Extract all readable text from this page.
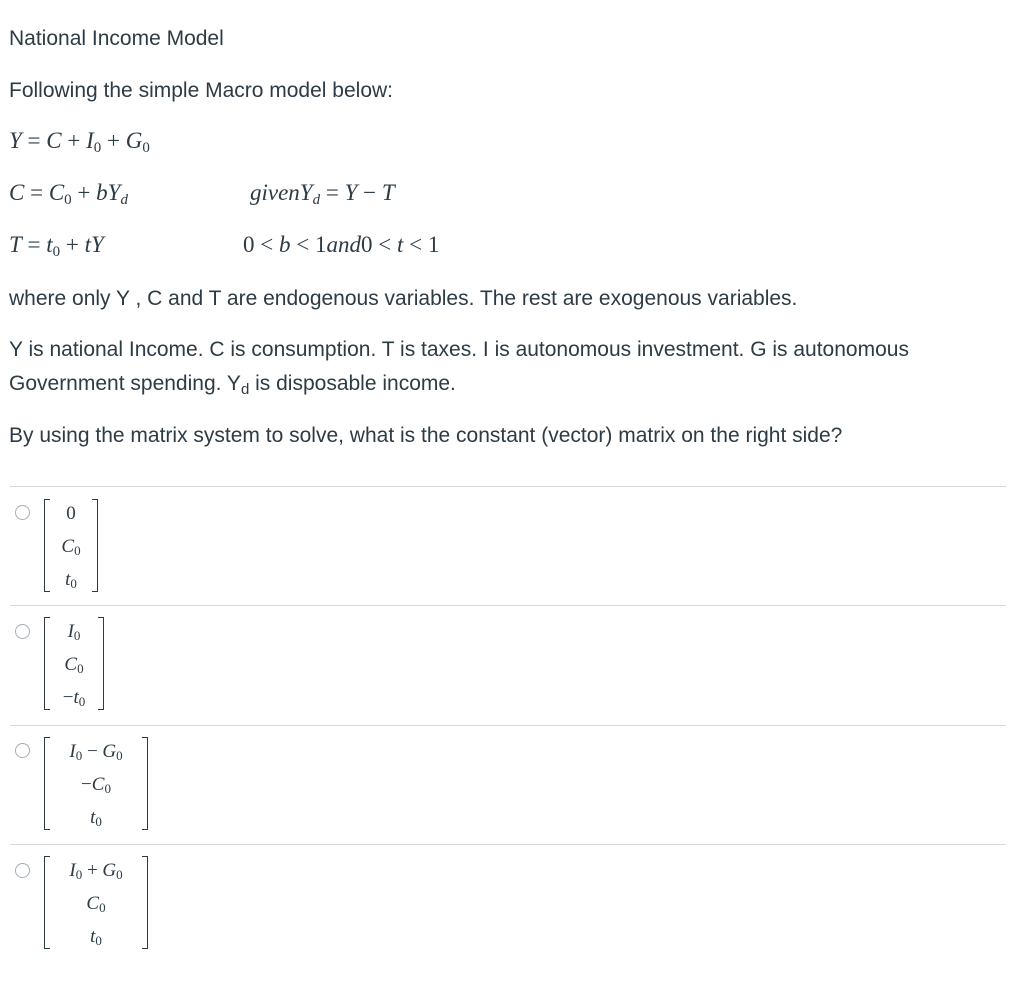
National Income Model
Following the simple Macro model below:
$Y = C + I_0 + G_0$
$C = C_0 + bY_d$	givenY$_d$ = Y − T
$T = t_0$ + tY	0 < b < 1and0 < t < 1
where only Y , C and T are endogenous variables. The rest are exogenous variables.
Y is national Income. C is consumption. T is taxes. I is autonomous investment. G is autonomous
Government spending. $Y_d$ is disposable income.
By using the matrix system to solve, what is the constant (vector) matrix on the right side?
0
$C_0$
$t_0$
$I_0$
$C_0$
$-t_0$
$I_0 - G_0$
$-C_0$
$t_0$
$I_0 + G_0$
$C_0$
$t_0$
